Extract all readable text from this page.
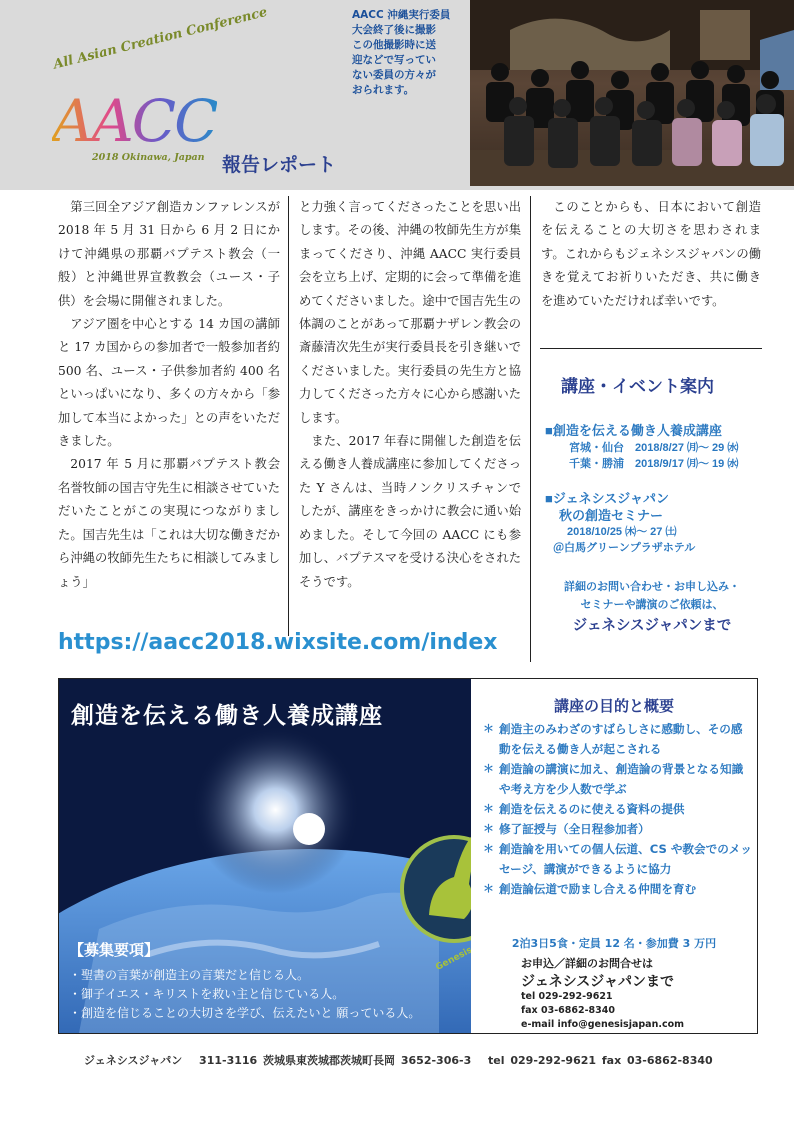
All Asian Creation Conference
AACC
2018 Okinawa, Japan 報告レポート
AACC 沖縄実行委員
大会終了後に撮影
この他撮影時に送
迎などで写ってい
ない委員の方々が
おられます。

第三回全アジア創造カンファレンスが 2018 年 5 月 31 日から 6 月 2 日にかけて沖縄県の那覇バプテスト教会（一般）と沖縄世界宣教教会（ユース・子供）を会場に開催されました。

アジア圏を中心とする 14 カ国の講師と 17 カ国からの参加者で一般参加者約 500 名、ユース・子供参加者約 400 名といっぱいになり、多くの方々から「参加して本当によかった」との声をいただきました。

2017 年 5 月に那覇バプテスト教会名誉牧師の国吉守先生に相談させていただいたことがこの実現につながりました。国吉先生は「これは大切な働きだから沖縄の牧師先生たちに相談してみましょう」

と力強く言ってくださったことを思い出します。その後、沖縄の牧師先生方が集まってくださり、沖縄 AACC 実行委員会を立ち上げ、定期的に会って準備を進めてくださいました。途中で国吉先生の体調のことがあって那覇ナザレン教会の斎藤清次先生が実行委員長を引き継いでくださいました。実行委員の先生方と協力してくださった方々に心から感謝いたします。

また、2017 年春に開催した創造を伝える働き人養成講座に参加してくださった Y さんは、当時ノンクリスチャンでしたが、講座をきっかけに教会に通い始めました。そして今回の AACC にも参加し、バプテスマを受ける決心をされたそうです。

このことからも、日本において創造を伝えることの大切さを思わされます。これからもジェネシスジャパンの働きを覚えてお祈りいただき、共に働きを進めていただければ幸いです。

講座・イベント案内
■創造を伝える働き人養成講座
宮城・仙台　2018/8/27 ㈪～ 29 ㈬
千葉・勝浦　2018/9/17 ㈪～ 19 ㈬
■ジェネシスジャパン
秋の創造セミナー
2018/10/25 ㈭～ 27 ㈯
＠白馬グリーンプラザホテル
詳細のお問い合わせ・お申し込み・
セミナーや講演のご依頼は、
ジェネシスジャパンまで
https://aacc2018.wixsite.com/index
Genesis
創造を伝える働き人養成講座
【募集要項】
・聖書の言葉が創造主の言葉だと信じる人。
・御子イエス・キリストを救い主と信じている人。
・創造を信じることの大切さを学び、伝えたいと 願っている人。
講座の目的と概要
＊ 創造主のみわざのすばらしさに感動し、その感動を伝える働き人が起こされる
＊ 創造論の講演に加え、創造論の背景となる知識や考え方を少人数で学ぶ
＊ 創造を伝えるのに使える資料の提供
＊ 修了証授与（全日程参加者）
＊ 創造論を用いての個人伝道、CS や教会でのメッセージ、講演ができるように協力
＊ 創造論伝道で励まし合える仲間を育む
2泊3日5食・定員 12 名・参加費 3 万円
お申込／詳細のお問合せは
ジェネシスジャパンまで
tel 029-292-9621
fax 03-6862-8340
e-mail info@genesisjapan.com
ジェネシスジャパン　 311-3116 茨城県東茨城郡茨城町長岡 3652-306-3　 tel 029-292-9621 fax 03-6862-8340
